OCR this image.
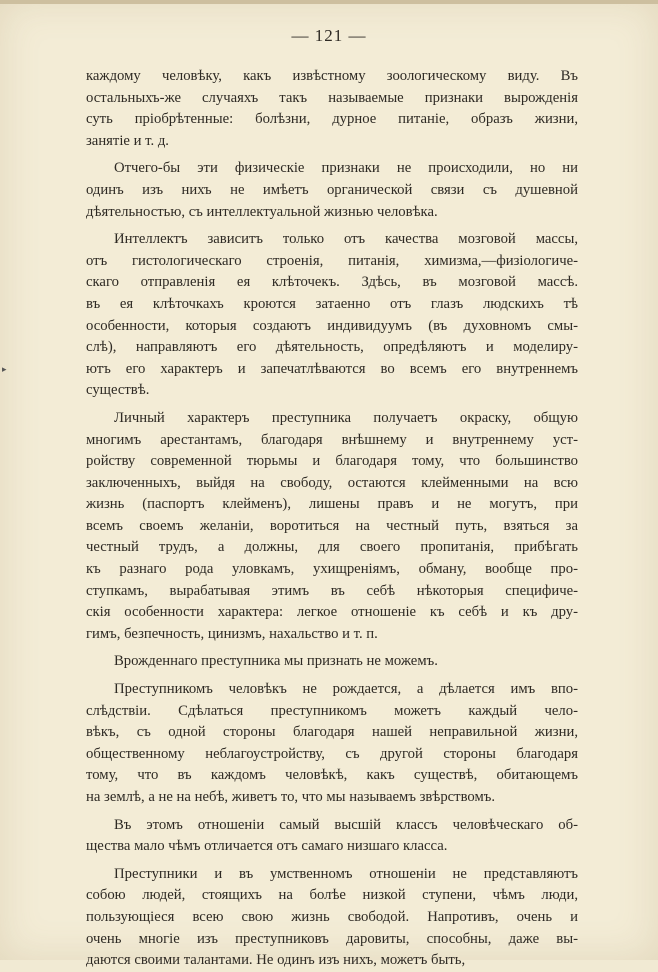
— 121 —
▸
каждому человѣку, какъ извѣстному зоологическому виду. Въ
остальныхъ-же случаяхъ такъ называемые признаки вырожденія
суть пріобрѣтенные: болѣзни, дурное питаніе, образъ жизни,
занятіе и т. д.
Отчего-бы эти физическіе признаки не происходили, но ни
одинъ изъ нихъ не имѣетъ органической связи съ душевной
дѣятельностью, съ интеллектуальной жизнью человѣка.
Интеллектъ зависитъ только отъ качества мозговой массы,
отъ гистологическаго строенія, питанія, химизма,—физіологиче-
скаго отправленія ея клѣточекъ. Здѣсь, въ мозговой массѣ.
въ ея клѣточкахъ кроются затаенно отъ глазъ людскихъ тѣ
особенности, которыя создаютъ индивидуумъ (въ духовномъ смы-
слѣ), направляютъ его дѣятельность, опредѣляютъ и моделиру-
ютъ его характеръ и запечатлѣваются во всемъ его внутреннемъ
существѣ.
Личный характеръ преступника получаетъ окраску, общую
многимъ арестантамъ, благодаря внѣшнему и внутреннему уст-
ройству современной тюрьмы и благодаря тому, что большинство
заключенныхъ, выйдя на свободу, остаются клейменными на всю
жизнь (паспортъ клейменъ), лишены правъ и не могутъ, при
всемъ своемъ желаніи, воротиться на честный путь, взяться за
честный трудъ, а должны, для своего пропитанія, прибѣгать
къ разнаго рода уловкамъ, ухищреніямъ, обману, вообще про-
ступкамъ, вырабатывая этимъ въ себѣ нѣкоторыя специфиче-
скія особенности характера: легкое отношеніе къ себѣ и къ дру-
гимъ, безпечность, цинизмъ, нахальство и т. п.
Врожденнаго преступника мы признать не можемъ.
Преступникомъ человѣкъ не рождается, а дѣлается имъ впо-
слѣдствіи. Сдѣлаться преступникомъ можетъ каждый чело-
вѣкъ, съ одной стороны благодаря нашей неправильной жизни,
общественному неблагоустройству, съ другой стороны благодаря
тому, что въ каждомъ человѣкѣ, какъ существѣ, обитающемъ
на землѣ, а не на небѣ, живетъ то, что мы называемъ звѣрствомъ.
Въ этомъ отношеніи самый высшій классъ человѣческаго об-
щества мало чѣмъ отличается отъ самаго низшаго класса.
Преступники и въ умственномъ отношеніи не представляютъ
собою людей, стоящихъ на болѣе низкой ступени, чѣмъ люди,
пользующіеся всею свою жизнь свободой. Напротивъ, очень и
очень многіе изъ преступниковъ даровиты, способны, даже вы-
даются своими талантами. Не одинъ изъ нихъ, можетъ быть,
